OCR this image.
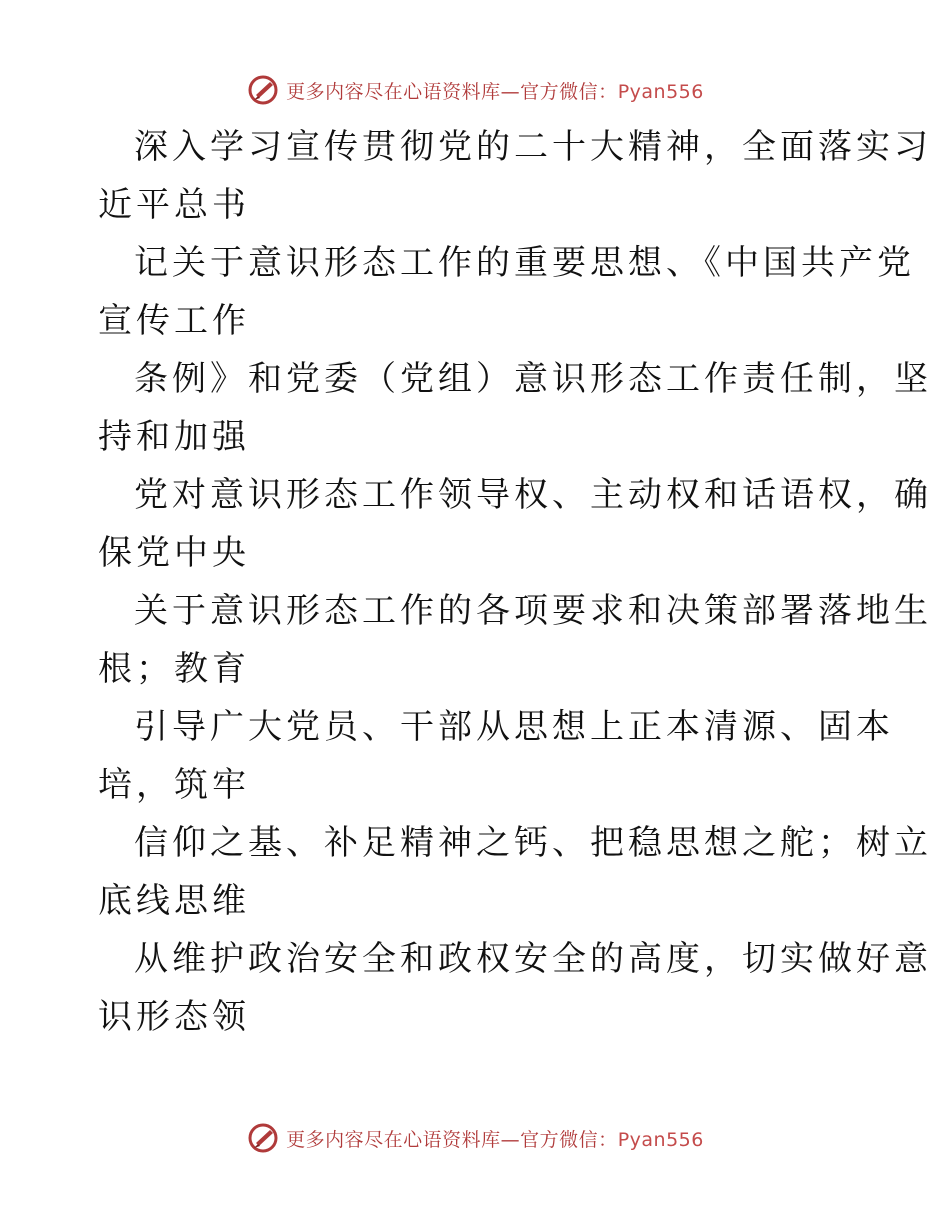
更多内容尽在心语资料库—官方微信：Pyan556
深入学习宣传贯彻党的二十大精神，全面落实习
近平总书
记关于意识形态工作的重要思想、《中国共产党
宣传工作
条例》和党委（党组）意识形态工作责任制，坚
持和加强
党对意识形态工作领导权、主动权和话语权，确
保党中央
关于意识形态工作的各项要求和决策部署落地生
根；教育
引导广大党员、干部从思想上正本清源、固本
培，筑牢
信仰之基、补足精神之钙、把稳思想之舵；树立
底线思维
从维护政治安全和政权安全的高度，切实做好意
识形态领
更多内容尽在心语资料库—官方微信：Pyan556
